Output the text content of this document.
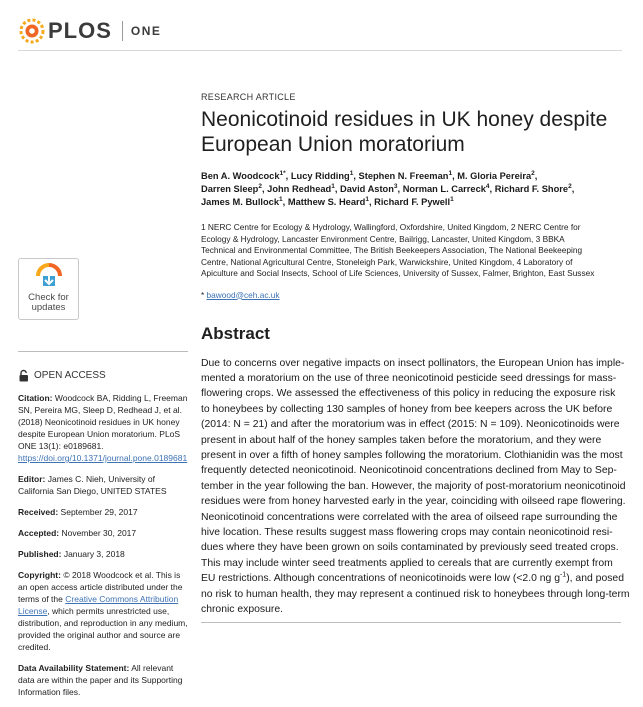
PLOS ONE
Check for
updates
OPEN ACCESS
Citation: Woodcock BA, Ridding L, Freeman SN, Pereira MG, Sleep D, Redhead J, et al. (2018) Neonicotinoid residues in UK honey despite European Union moratorium. PLoS ONE 13(1): e0189681. https://doi.org/10.1371/journal.pone.0189681
Editor: James C. Nieh, University of California San Diego, UNITED STATES
Received: September 29, 2017
Accepted: November 30, 2017
Published: January 3, 2018
Copyright: © 2018 Woodcock et al. This is an open access article distributed under the terms of the Creative Commons Attribution License, which permits unrestricted use, distribution, and reproduction in any medium, provided the original author and source are credited.
Data Availability Statement: All relevant data are within the paper and its Supporting Information files.
RESEARCH ARTICLE
Neonicotinoid residues in UK honey despite
European Union moratorium
Ben A. Woodcock$^{1*}$, Lucy Ridding$^1$, Stephen N. Freeman$^1$, M. Gloria Pereira$^2$,
Darren Sleep$^2$, John Redhead$^1$, David Aston$^3$, Norman L. Carreck$^4$, Richard F. Shore$^2$,
James M. Bullock$^1$, Matthew S. Heard$^1$, Richard F. Pywell$^1$
1 NERC Centre for Ecology & Hydrology, Wallingford, Oxfordshire, United Kingdom, 2 NERC Centre for
Ecology & Hydrology, Lancaster Environment Centre, Bailrigg, Lancaster, United Kingdom, 3 BBKA
Technical and Environmental Committee, The British Beekeepers Association, The National Beekeeping
Centre, National Agricultural Centre, Stoneleigh Park, Warwickshire, United Kingdom, 4 Laboratory of
Apiculture and Social Insects, School of Life Sciences, University of Sussex, Falmer, Brighton, East Sussex
* bawood@ceh.ac.uk
Abstract
Due to concerns over negative impacts on insect pollinators, the European Union has imple-
mented a moratorium on the use of three neonicotinoid pesticide seed dressings for mass-
flowering crops. We assessed the effectiveness of this policy in reducing the exposure risk
to honeybees by collecting 130 samples of honey from bee keepers across the UK before
(2014: N = 21) and after the moratorium was in effect (2015: N = 109). Neonicotinoids were
present in about half of the honey samples taken before the moratorium, and they were
present in over a fifth of honey samples following the moratorium. Clothianidin was the most
frequently detected neonicotinoid. Neonicotinoid concentrations declined from May to Sep-
tember in the year following the ban. However, the majority of post-moratorium neonicotinoid
residues were from honey harvested early in the year, coinciding with oilseed rape flowering.
Neonicotinoid concentrations were correlated with the area of oilseed rape surrounding the
hive location. These results suggest mass flowering crops may contain neonicotinoid resi-
dues where they have been grown on soils contaminated by previously seed treated crops.
This may include winter seed treatments applied to cereals that are currently exempt from
EU restrictions. Although concentrations of neonicotinoids were low (<2.0 ng $g^{-1}$), and posed
no risk to human health, they may represent a continued risk to honeybees through long-term
chronic exposure.
